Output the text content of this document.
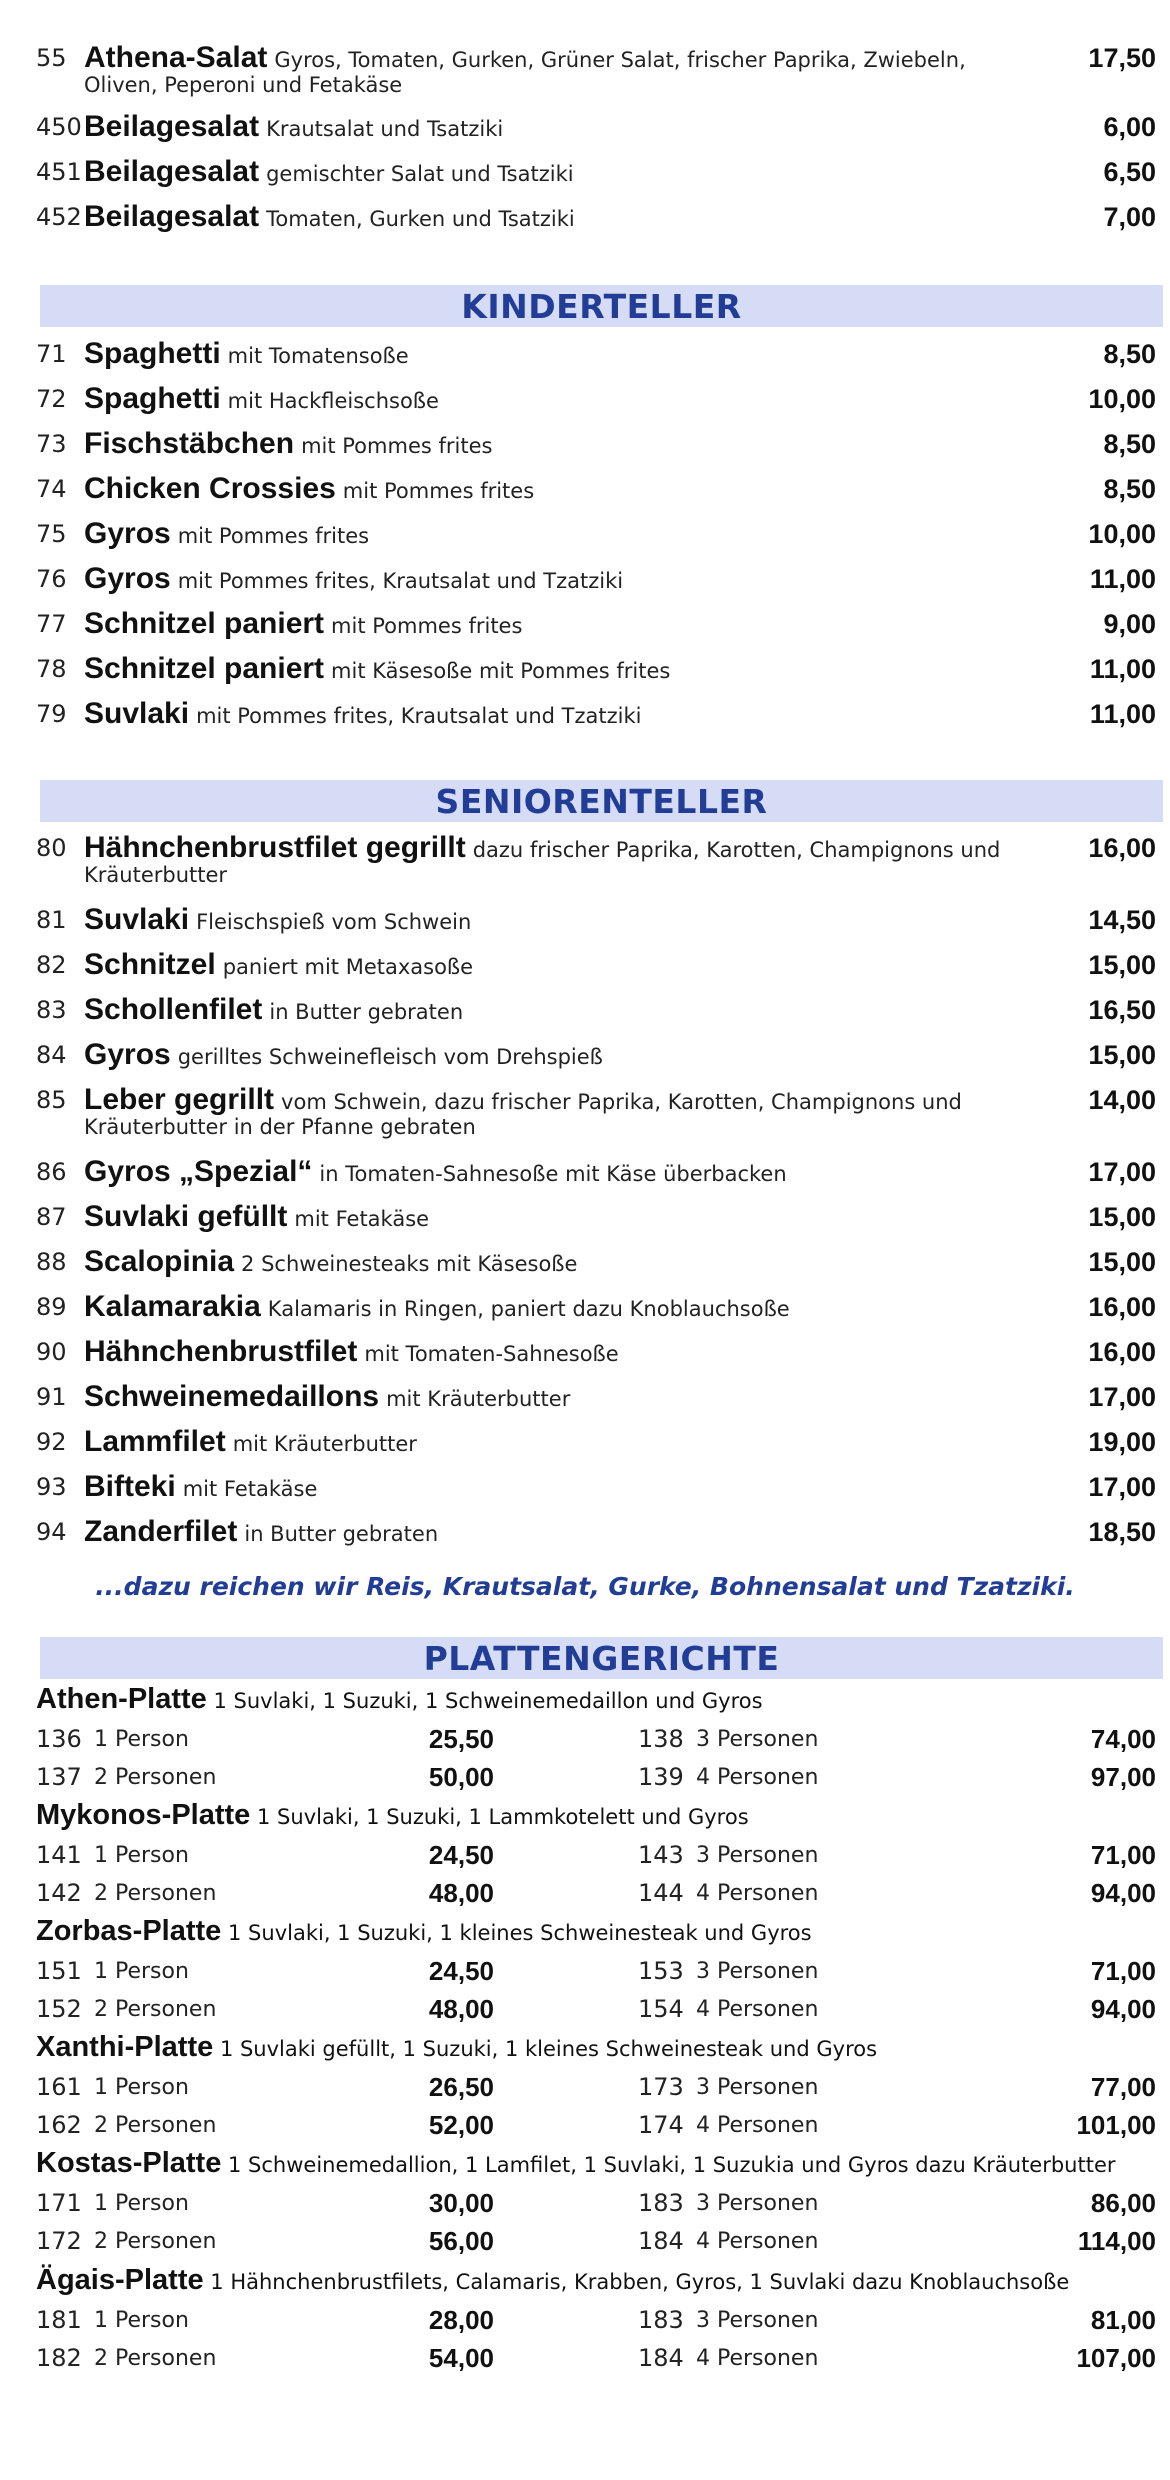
55 Athena-Salat Gyros, Tomaten, Gurken, Grüner Salat, frischer Paprika, Zwiebeln, Oliven, Peperoni und Fetakäse
17,50
450 Beilagesalat Krautsalat und Tsatziki	6,00
451 Beilagesalat gemischter Salat und Tsatziki	6,50
452 Beilagesalat Tomaten, Gurken und Tsatziki	7,00
KINDERTELLER
71 Spaghetti mit Tomatensoße	8,50
72 Spaghetti mit Hackfleischsoße	10,00
73 Fischstäbchen mit Pommes frites	8,50
74 Chicken Crossies mit Pommes frites	8,50
75 Gyros mit Pommes frites	10,00
76 Gyros mit Pommes frites, Krautsalat und Tzatziki	11,00
77 Schnitzel paniert mit Pommes frites	9,00
78 Schnitzel paniert mit Käsesoße mit Pommes frites	11,00
79 Suvlaki mit Pommes frites, Krautsalat und Tzatziki	11,00
SENIORENTELLER
80 Hähnchenbrustfilet gegrillt dazu frischer Paprika, Karotten, Champignons und Kräuterbutter
16,00
81 Suvlaki Fleischspieß vom Schwein	14,50
82 Schnitzel paniert mit Metaxasoße	15,00
83 Schollenfilet in Butter gebraten	16,50
84 Gyros gerilltes Schweinefleisch vom Drehspieß	15,00
85 Leber gegrillt vom Schwein, dazu frischer Paprika, Karotten, Champignons und Kräuterbutter in der Pfanne gebraten
14,00
86 Gyros „Spezial“ in Tomaten-Sahnesoße mit Käse überbacken	17,00
87 Suvlaki gefüllt mit Fetakäse	15,00
88 Scalopinia 2 Schweinesteaks mit Käsesoße	15,00
89 Kalamarakia Kalamaris in Ringen, paniert dazu Knoblauchsoße	16,00
90 Hähnchenbrustfilet mit Tomaten-Sahnesoße	16,00
91 Schweinemedaillons mit Kräuterbutter	17,00
92 Lammfilet mit Kräuterbutter	19,00
93 Bifteki mit Fetakäse	17,00
94 Zanderfilet in Butter gebraten	18,50
...dazu reichen wir Reis, Krautsalat, Gurke, Bohnensalat und Tzatziki.
PLATTENGERICHTE
Athen-Platte 1 Suvlaki, 1 Suzuki, 1 Schweinemedaillon und Gyros
136 1 Person	25,50
137 2 Personen	50,00
138 3 Personen	74,00
139 4 Personen	97,00
Mykonos-Platte 1 Suvlaki, 1 Suzuki, 1 Lammkotelett und Gyros
141 1 Person	24,50
142 2 Personen	48,00
143 3 Personen	71,00
144 4 Personen	94,00
Zorbas-Platte 1 Suvlaki, 1 Suzuki, 1 kleines Schweinesteak und Gyros
151 1 Person	24,50
152 2 Personen	48,00
153 3 Personen	71,00
154 4 Personen	94,00
Xanthi-Platte 1 Suvlaki gefüllt, 1 Suzuki, 1 kleines Schweinesteak und Gyros
161 1 Person	26,50
162 2 Personen	52,00
173 3 Personen	77,00
174 4 Personen	101,00
Kostas-Platte 1 Schweinemedallion, 1 Lamfilet, 1 Suvlaki, 1 Suzukia und Gyros dazu Kräuterbutter
171 1 Person	30,00
172 2 Personen	56,00
183 3 Personen	86,00
184 4 Personen	114,00
Ägais-Platte 1 Hähnchenbrustfilets, Calamaris, Krabben, Gyros, 1 Suvlaki dazu Knoblauchsoße
181 1 Person	28,00
182 2 Personen	54,00
183 3 Personen	81,00
184 4 Personen	107,00
